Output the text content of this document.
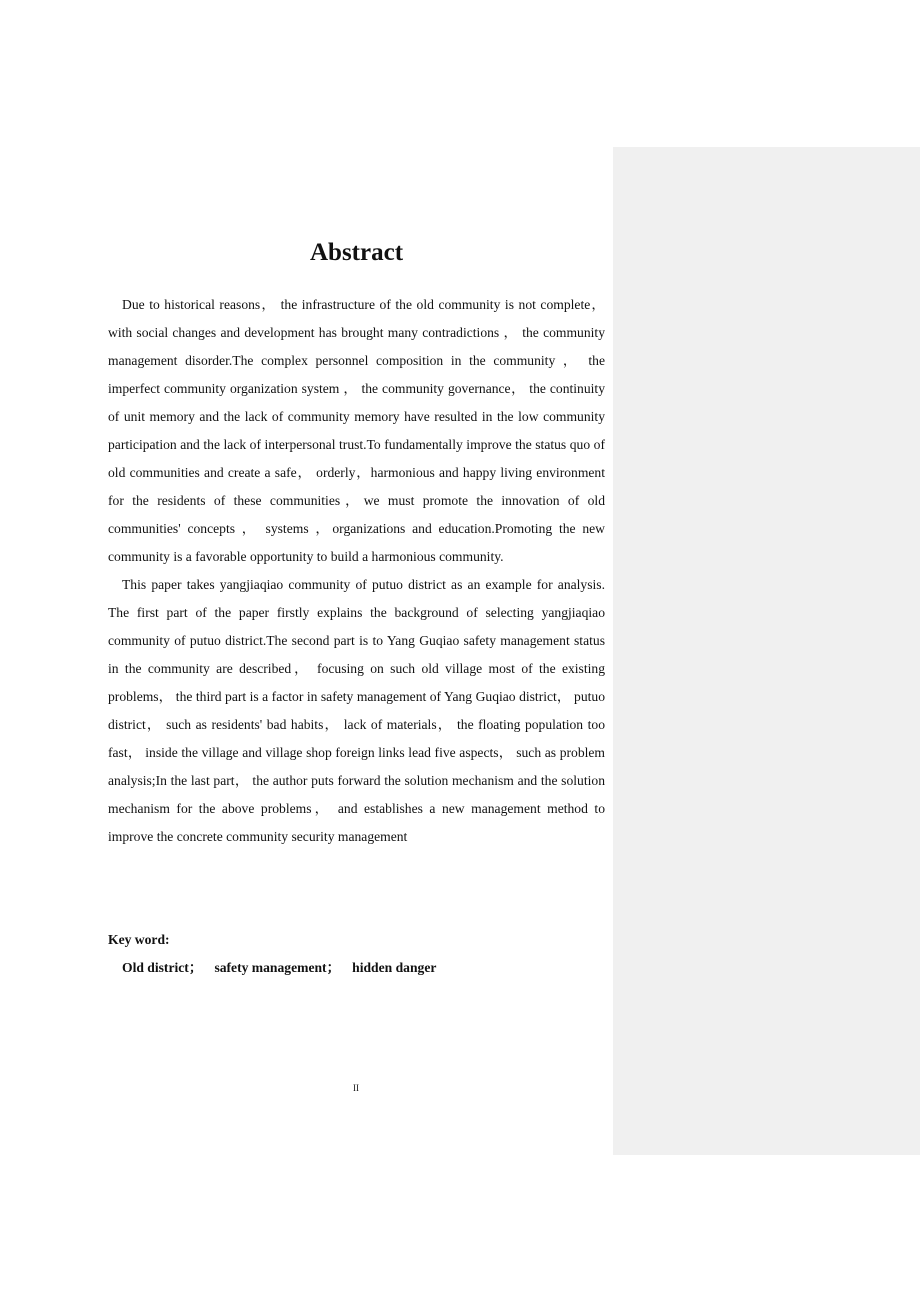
Abstract

Due to historical reasons， the infrastructure of the old community is not complete，with social changes and development has brought many contradictions ， the community management disorder.The complex personnel composition in the community ， the imperfect community organization system ， the community governance， the continuity of unit memory and the lack of community memory have resulted in the low community participation and the lack of interpersonal trust.To fundamentally improve the status quo of old communities and create a safe， orderly，harmonious and happy living environment for the residents of these communities，we must promote the innovation of old communities' concepts ， systems ，organizations and education.Promoting the new community is a favorable opportunity to build a harmonious community.

This paper takes yangjiaqiao community of putuo district as an example for analysis. The first part of the paper firstly explains the background of selecting yangjiaqiao community of putuo district.The second part is to Yang Guqiao safety management status in the community are described， focusing on such old village most of the existing problems， the third part is a factor in safety management of Yang Guqiao district， putuo district， such as residents' bad habits， lack of materials， the floating population too fast， inside the village and village shop foreign links lead five aspects， such as problem analysis;In the last part， the author puts forward the solution mechanism and the solution mechanism for the above problems， and establishes a new management method to improve the concrete community security management

Key word:
Old district； safety management； hidden danger
II
